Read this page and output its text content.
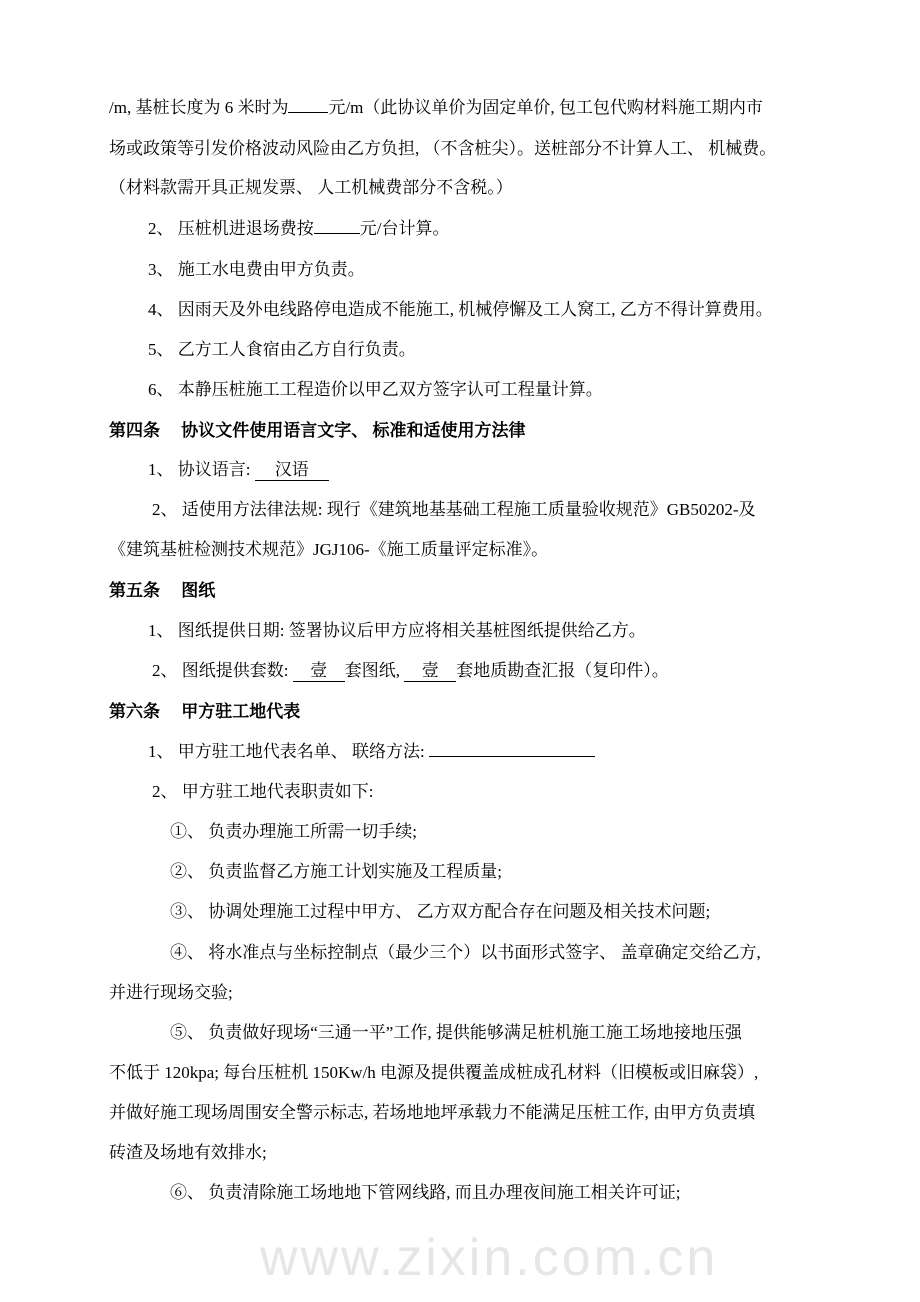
/m, 基桩长度为 6 米时为 元/m（此协议单价为固定单价, 包工包代购材料施工期内市
场或政策等引发价格波动风险由乙方负担, （不含桩尖）。送桩部分不计算人工、 机械费。
（材料款需开具正规发票、 人工机械费部分不含税。）
2、 压桩机进退场费按	元/台计算。
3、 施工水电费由甲方负责。
4、 因雨天及外电线路停电造成不能施工, 机械停懈及工人窝工, 乙方不得计算费用。
5、 乙方工人食宿由乙方自行负责。
6、 本静压桩施工工程造价以甲乙双方签字认可工程量计算。
第四条　 协议文件使用语言文字、 标准和适使用方法律
1、 协议语言: 汉语
2、 适使用方法律法规: 现行《建筑地基基础工程施工质量验收规范》GB50202-及
《建筑基桩检测技术规范》JGJ106-《施工质量评定标准》。
第五条　 图纸
1、 图纸提供日期: 签署协议后甲方应将相关基桩图纸提供给乙方。
2、 图纸提供套数: 壹 套图纸, 壹 套地质勘查汇报（复印件）。
第六条　 甲方驻工地代表
1、 甲方驻工地代表名单、 联络方法:
2、 甲方驻工地代表职责如下:
①、 负责办理施工所需一切手续;
②、 负责监督乙方施工计划实施及工程质量;
③、 协调处理施工过程中甲方、 乙方双方配合存在问题及相关技术问题;
④、 将水准点与坐标控制点（最少三个）以书面形式签字、 盖章确定交给乙方,
并进行现场交验;
⑤、 负责做好现场“三通一平”工作, 提供能够满足桩机施工施工场地接地压强
不低于 120kpa; 每台压桩机 150Kw/h 电源及提供覆盖成桩成孔材料（旧模板或旧麻袋）,
并做好施工现场周围安全警示标志, 若场地地坪承载力不能满足压桩工作, 由甲方负责填
砖渣及场地有效排水;
⑥、 负责清除施工场地地下管网线路, 而且办理夜间施工相关许可证;
www.zixin.com.cn
